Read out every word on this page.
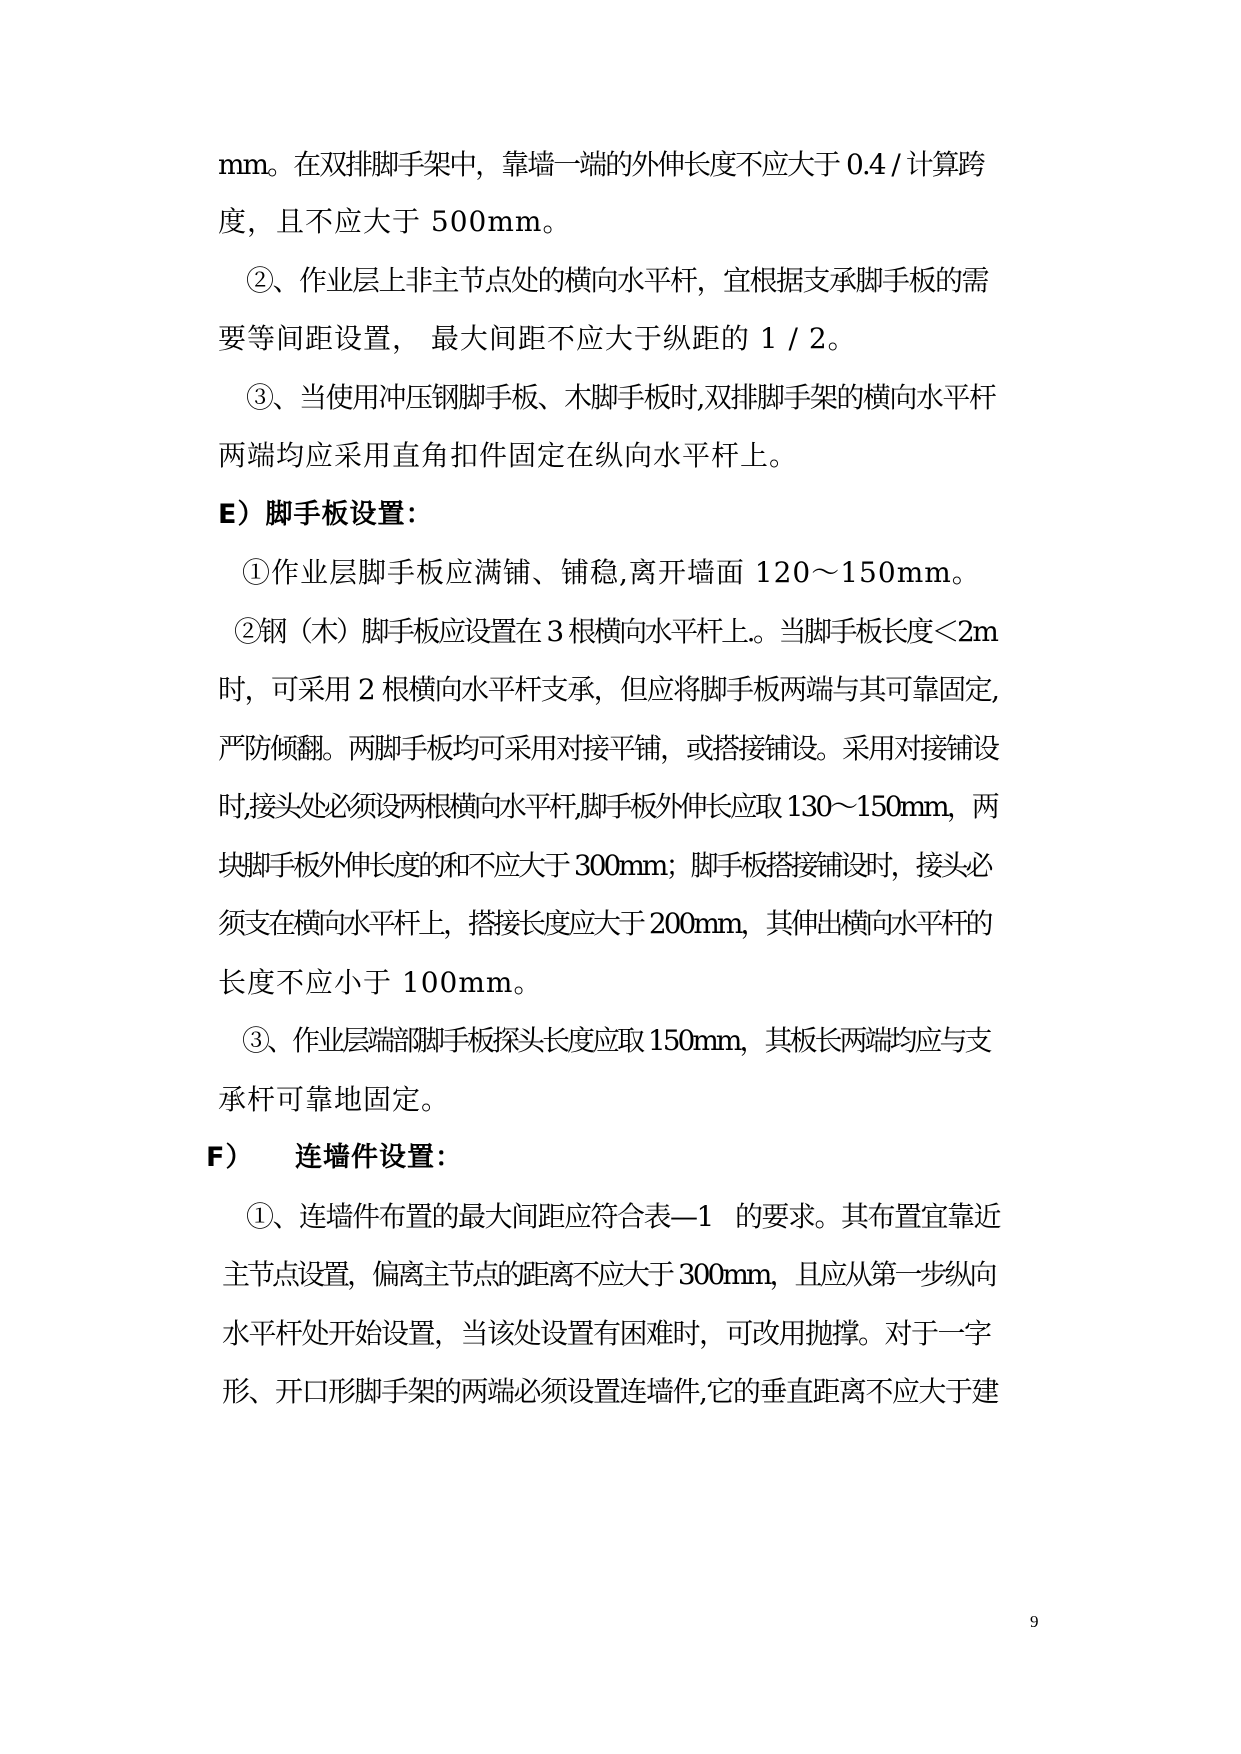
mm。在双排脚手架中，靠墙一端的外伸长度不应大于 0.4 / 计算跨
度，且不应大于 500mm。
②、作业层上非主节点处的横向水平杆，宜根据支承脚手板的需
要等间距设置， 最大间距不应大于纵距的 1 / 2。
③、当使用冲压钢脚手板、木脚手板时,双排脚手架的横向水平杆
两端均应采用直角扣件固定在纵向水平杆上。
E）脚手板设置：
①作业层脚手板应满铺、铺稳,离开墙面 120～150mm。
②钢（木）脚手板应设置在 3 根横向水平杆上.。当脚手板长度＜2m
时，可采用 2 根横向水平杆支承，但应将脚手板两端与其可靠固定,
严防倾翻。两脚手板均可采用对接平铺，或搭接铺设。采用对接铺设
时,接头处必须设两根横向水平杆,脚手板外伸长应取 130～150mm，两
块脚手板外伸长度的和不应大于 300mm；脚手板搭接铺设时，接头必
须支在横向水平杆上，搭接长度应大于 200mm，其伸出横向水平杆的
长度不应小于 100mm。
③、作业层端部脚手板探头长度应取 150mm，其板长两端均应与支
承杆可靠地固定。
F）    连墙件设置：
①、连墙件布置的最大间距应符合表—1   的要求。其布置宜靠近
主节点设置，偏离主节点的距离不应大于 300mm，且应从第一步纵向
水平杆处开始设置，当该处设置有困难时，可改用抛撑。对于一字
形、开口形脚手架的两端必须设置连墙件,它的垂直距离不应大于建
9
